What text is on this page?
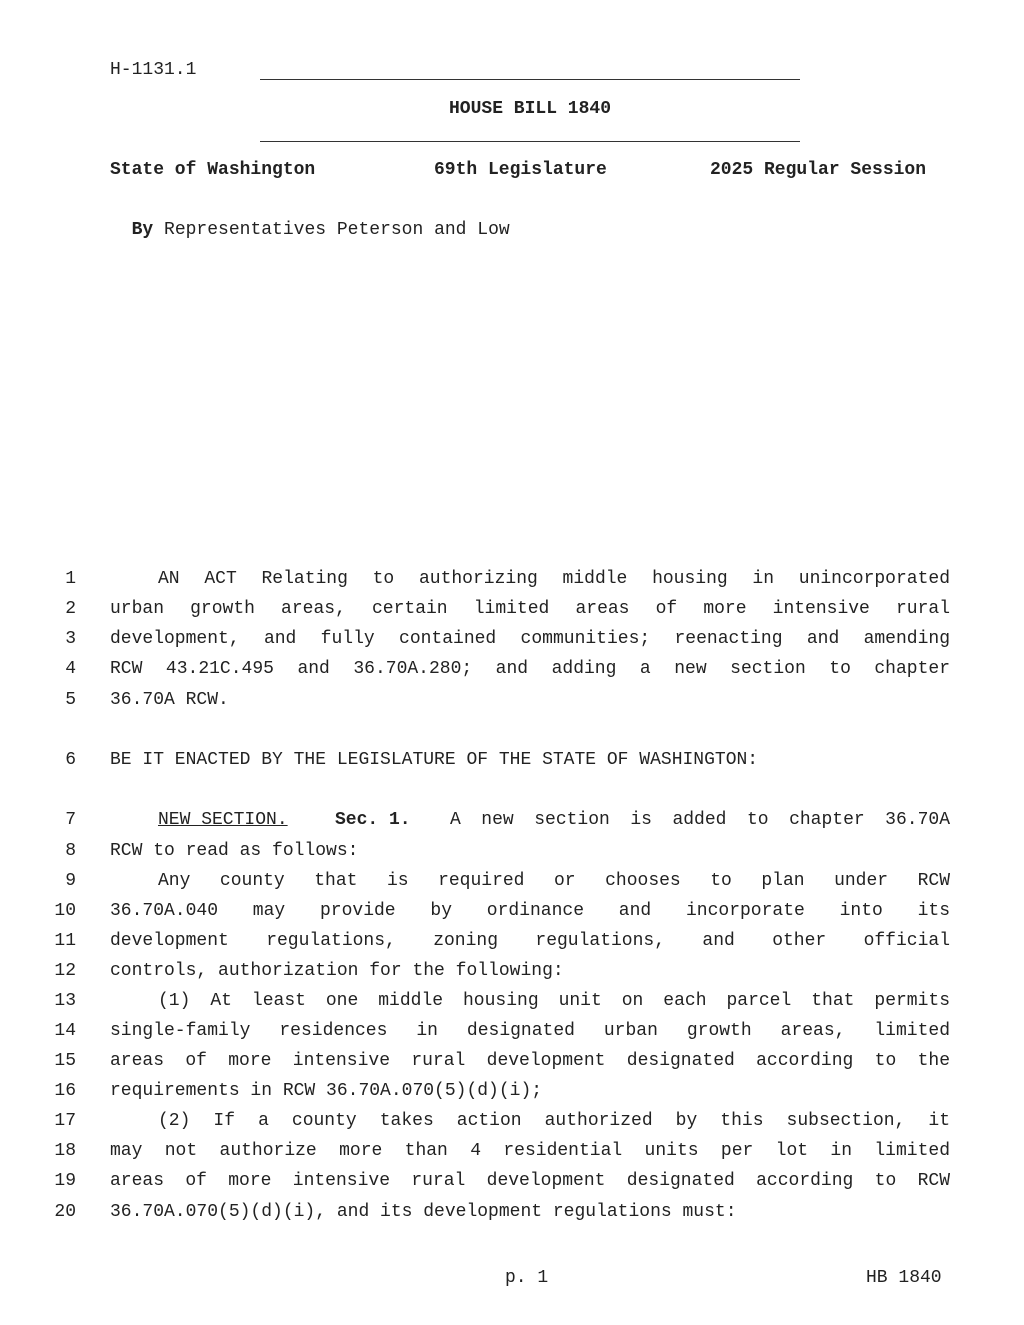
H-1131.1
HOUSE BILL 1840
State of Washington	69th Legislature	2025 Regular Session

By Representatives Peterson and Low

1	AN ACT Relating to authorizing middle housing in unincorporated
2 urban growth areas, certain limited areas of more intensive rural
3 development, and fully contained communities; reenacting and amending
4 RCW 43.21C.495 and 36.70A.280; and adding a new section to chapter
5 36.70A RCW.
6 BE IT ENACTED BY THE LEGISLATURE OF THE STATE OF WASHINGTON:
7	NEW SECTION.	Sec. 1. A new section is added to chapter 36.70A
8 RCW to read as follows:
9	Any county that is required or chooses to plan under RCW
10 36.70A.040 may provide by ordinance and incorporate into its
11 development regulations, zoning regulations, and other official
12 controls, authorization for the following:
13	(1) At least one middle housing unit on each parcel that permits
14 single-family residences in designated urban growth areas, limited
15 areas of more intensive rural development designated according to the
16 requirements in RCW 36.70A.070(5)(d)(i);
17	(2) If a county takes action authorized by this subsection, it
18 may not authorize more than 4 residential units per lot in limited
19 areas of more intensive rural development designated according to RCW
20 36.70A.070(5)(d)(i), and its development regulations must:
p. 1	HB 1840
